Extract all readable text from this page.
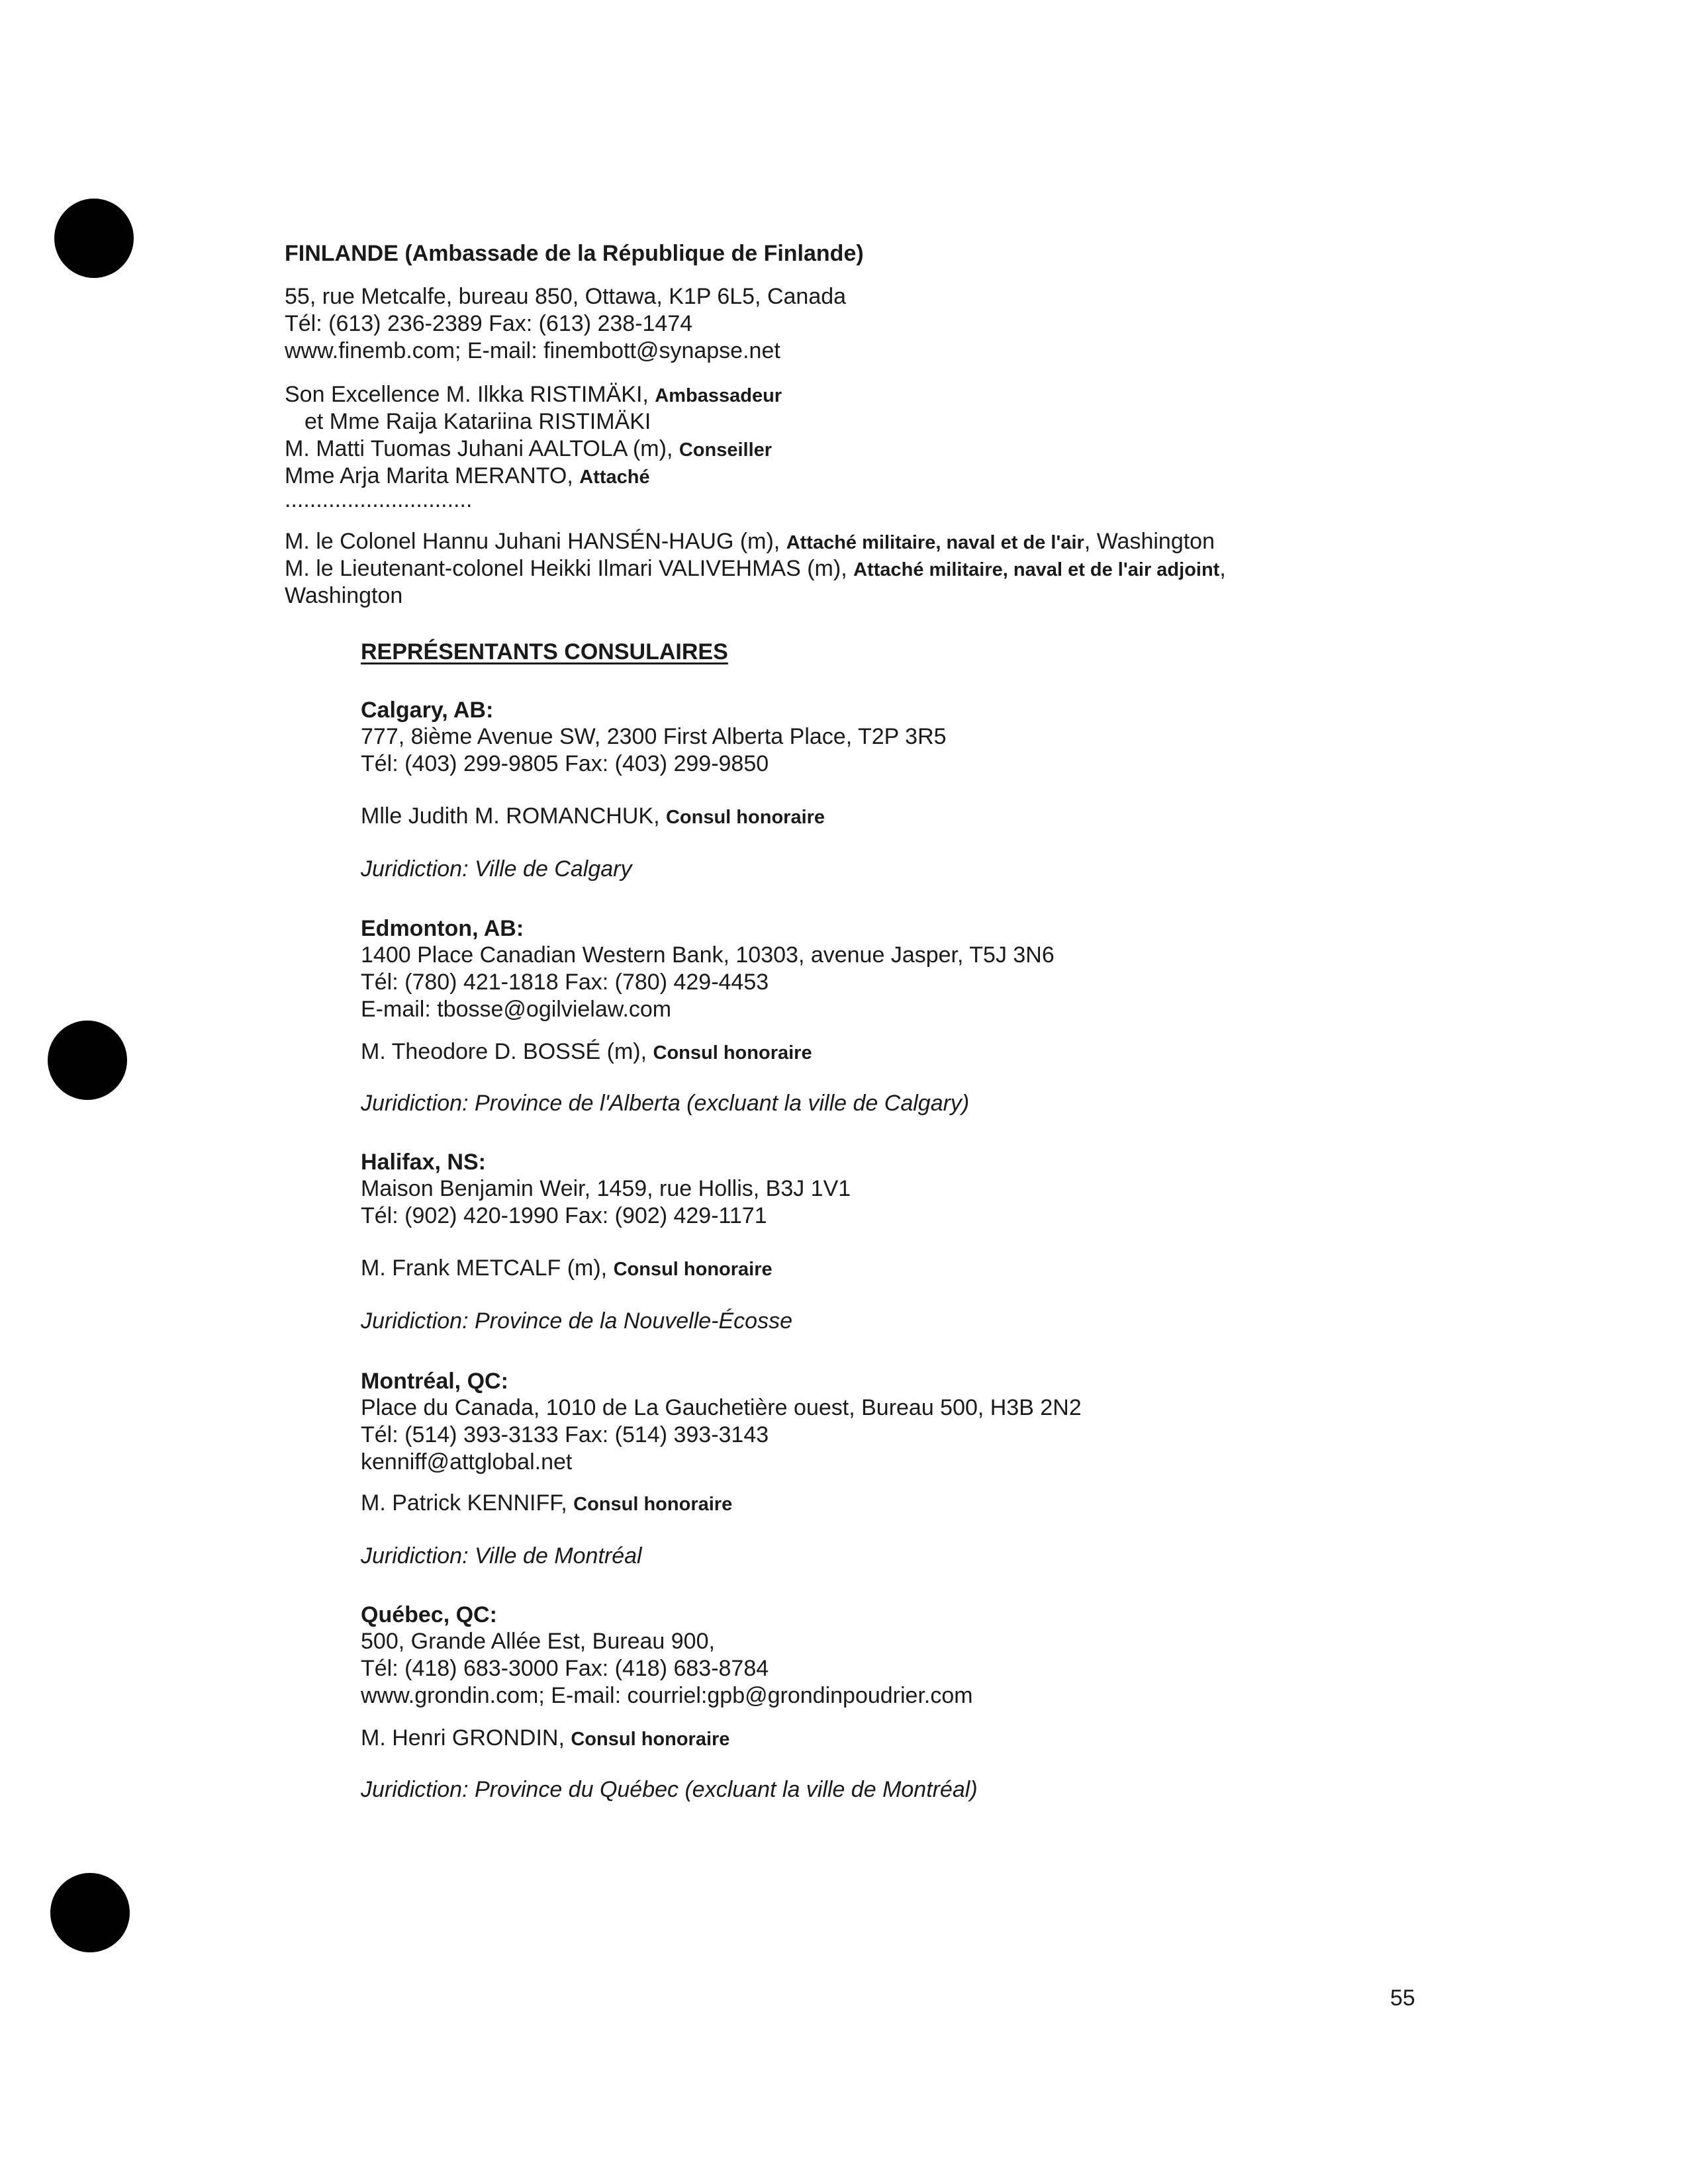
FINLANDE (Ambassade de la République de Finlande)
55, rue Metcalfe, bureau 850, Ottawa, K1P 6L5, Canada
Tél: (613) 236-2389 Fax: (613) 238-1474
www.finemb.com; E-mail: finembott@synapse.net
Son Excellence M. Ilkka RISTIMÄKI, Ambassadeur
et Mme Raija Katariina RISTIMÄKI
M. Matti Tuomas Juhani AALTOLA (m), Conseiller
Mme Arja Marita MERANTO, Attaché
..............................
M. le Colonel Hannu Juhani HANSÉN-HAUG (m), Attaché militaire, naval et de l'air, Washington
M. le Lieutenant-colonel Heikki Ilmari VALIVEHMAS (m), Attaché militaire, naval et de l'air adjoint,
Washington
REPRÉSENTANTS CONSULAIRES
Calgary, AB:
777, 8ième Avenue SW, 2300 First Alberta Place, T2P 3R5
Tél: (403) 299-9805 Fax: (403) 299-9850
Mlle Judith M. ROMANCHUK, Consul honoraire
Juridiction: Ville de Calgary
Edmonton, AB:
1400 Place Canadian Western Bank, 10303, avenue Jasper, T5J 3N6
Tél: (780) 421-1818 Fax: (780) 429-4453
E-mail: tbosse@ogilvielaw.com
M. Theodore D. BOSSÉ (m), Consul honoraire
Juridiction: Province de l'Alberta (excluant la ville de Calgary)
Halifax, NS:
Maison Benjamin Weir, 1459, rue Hollis, B3J 1V1
Tél: (902) 420-1990 Fax: (902) 429-1171
M. Frank METCALF (m), Consul honoraire
Juridiction: Province de la Nouvelle-Écosse
Montréal, QC:
Place du Canada, 1010 de La Gauchetière ouest, Bureau 500, H3B 2N2
Tél: (514) 393-3133 Fax: (514) 393-3143
kenniff@attglobal.net
M. Patrick KENNIFF, Consul honoraire
Juridiction: Ville de Montréal
Québec, QC:
500, Grande Allée Est, Bureau 900,
Tél: (418) 683-3000 Fax: (418) 683-8784
www.grondin.com; E-mail: courriel:gpb@grondinpoudrier.com
M. Henri GRONDIN, Consul honoraire
Juridiction: Province du Québec (excluant la ville de Montréal)
55
